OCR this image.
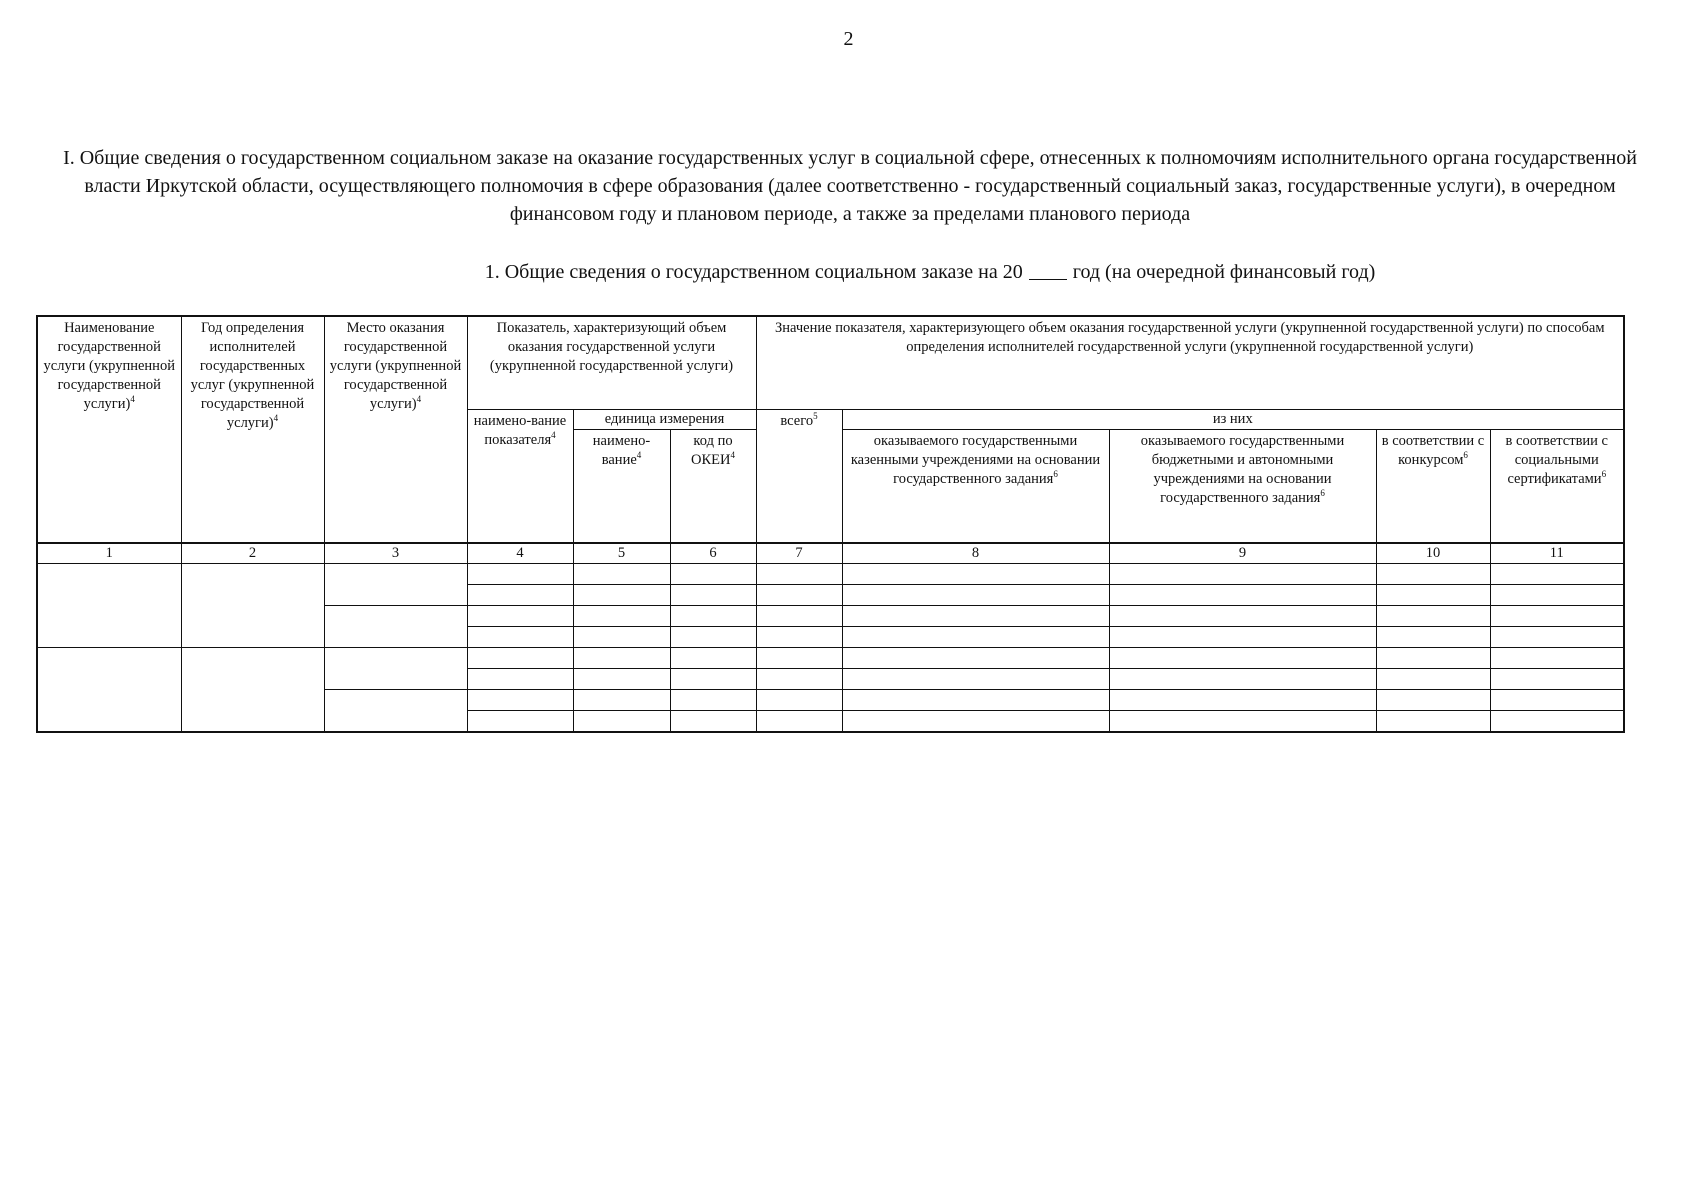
2
I. Общие сведения о государственном социальном заказе на оказание государственных услуг в социальной сфере, отнесенных к полномочиям исполнительного органа государственной власти Иркутской области, осуществляющего полномочия в сфере образования (далее соответственно - государственный социальный заказ, государственные услуги), в очередном финансовом году и плановом периоде, а также за пределами планового периода
1. Общие сведения о государственном социальном заказе на 20	год (на очередной финансовый год)
Наименование государственной услуги (укрупненной государственной услуги)$^4$	Год определения исполнителей государственных услуг (укрупненной государственной услуги)$^4$	Место оказания государственной услуги (укрупненной государственной услуги)$^4$	Показатель, характеризующий объем оказания государственной услуги (укрупненной государственной услуги)			Значение показателя, характеризующего объем оказания государственной услуги (укрупненной государственной услуги) по способам определения исполнителей государственной услуги (укрупненной государственной услуги)				
			наимено-вание показателя$^4$	единица измерения		всего$^5$	из них			
				наимено-вание$^4$	код по ОКЕИ$^4$		оказываемого государственными казенными учреждениями на основании государственного задания$^6$	оказываемого государственными бюджетными и автономными учреждениями на основании государственного задания$^6$	в соответствии с конкурсом$^6$	в соответствии с социальными сертификатами$^6$
1	2	3	4	5	6	7	8	9	10	11
